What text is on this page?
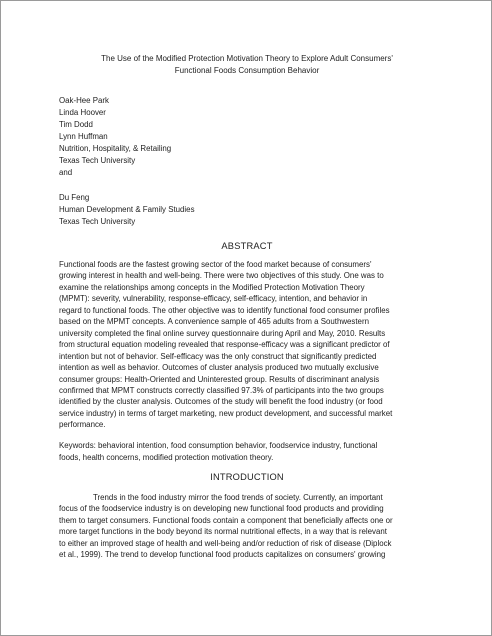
The Use of the Modified Protection Motivation Theory to Explore Adult Consumers'
Functional Foods Consumption Behavior
Oak-Hee Park
Linda Hoover
Tim Dodd
Lynn Huffman
Nutrition, Hospitality, & Retailing
Texas Tech University
and
Du Feng
Human Development & Family Studies
Texas Tech University
ABSTRACT

Functional foods are the fastest growing sector of the food market because of consumers'
growing interest in health and well-being. There were two objectives of this study. One was to
examine the relationships among concepts in the Modified Protection Motivation Theory
(MPMT): severity, vulnerability, response-efficacy, self-efficacy, intention, and behavior in
regard to functional foods. The other objective was to identify functional food consumer profiles
based on the MPMT concepts. A convenience sample of 465 adults from a Southwestern
university completed the final online survey questionnaire during April and May, 2010. Results
from structural equation modeling revealed that response-efficacy was a significant predictor of
intention but not of behavior. Self-efficacy was the only construct that significantly predicted
intention as well as behavior. Outcomes of cluster analysis produced two mutually exclusive
consumer groups: Health-Oriented and Uninterested group. Results of discriminant analysis
confirmed that MPMT constructs correctly classified 97.3% of participants into the two groups
identified by the cluster analysis. Outcomes of the study will benefit the food industry (or food
service industry) in terms of target marketing, new product development, and successful market
performance.

Keywords: behavioral intention, food consumption behavior, foodservice industry, functional
foods, health concerns, modified protection motivation theory.
INTRODUCTION
Trends in the food industry mirror the food trends of society. Currently, an important
focus of the foodservice industry is on developing new functional food products and providing
them to target consumers. Functional foods contain a component that beneficially affects one or
more target functions in the body beyond its normal nutritional effects, in a way that is relevant
to either an improved stage of health and well-being and/or reduction of risk of disease (Diplock
et al., 1999). The trend to develop functional food products capitalizes on consumers' growing
